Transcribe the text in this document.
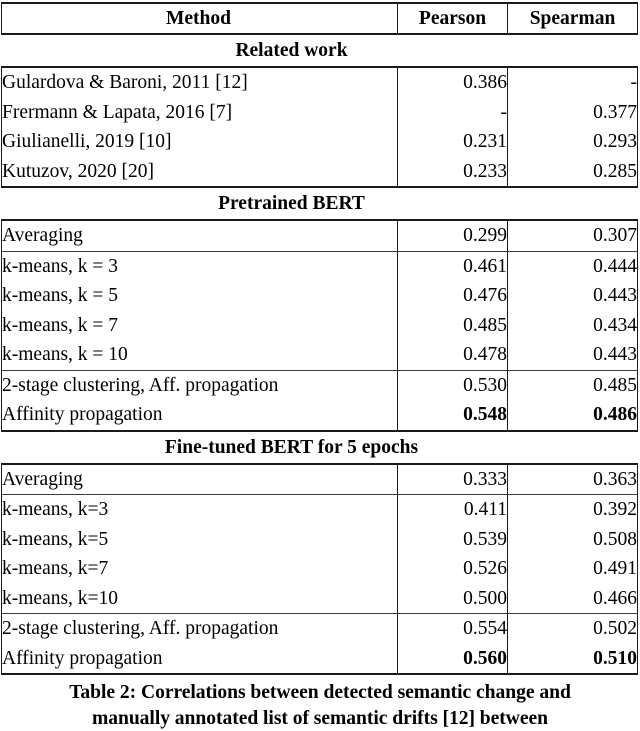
Method	Pearson	Spearman
Related work		
Gulardova & Baroni, 2011 [12]	0.386	-
Frermann & Lapata, 2016 [7]	-	0.377
Giulianelli, 2019 [10]	0.231	0.293
Kutuzov, 2020 [20]	0.233	0.285
Pretrained BERT		
Averaging	0.299	0.307
k-means, k = 3	0.461	0.444
k-means, k = 5	0.476	0.443
k-means, k = 7	0.485	0.434
k-means, k = 10	0.478	0.443
2-stage clustering, Aff. propagation	0.530	0.485
Affinity propagation	0.548	0.486
Fine-tuned BERT for 5 epochs		
Averaging	0.333	0.363
k-means, k=3	0.411	0.392
k-means, k=5	0.539	0.508
k-means, k=7	0.526	0.491
k-means, k=10	0.500	0.466
2-stage clustering, Aff. propagation	0.554	0.502
Affinity propagation	0.560	0.510
Table 2: Correlations between detected semantic change and
manually annotated list of semantic drifts [12] between
